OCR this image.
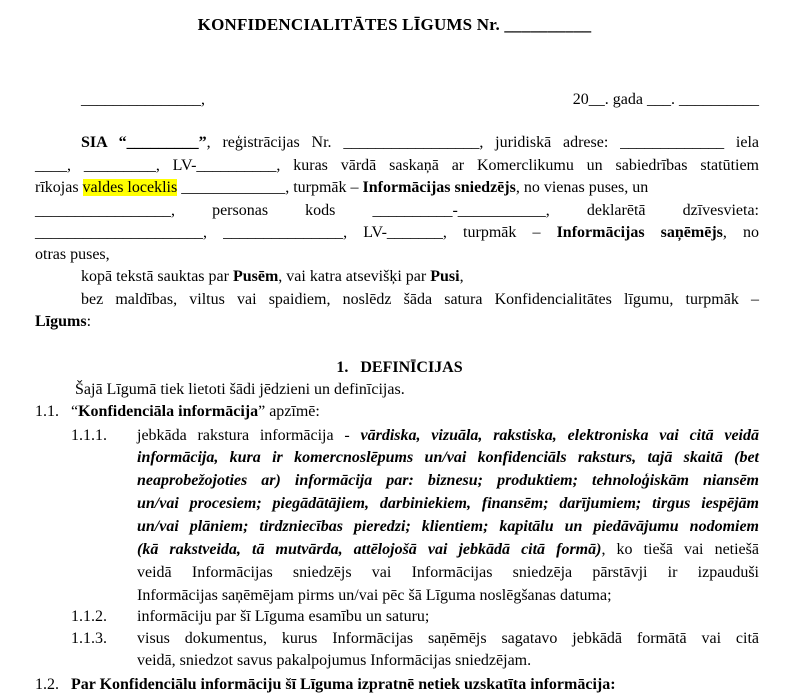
KONFIDENCIALITĀTES LĪGUMS Nr. __________
_______________,	20__. gada ___. __________
SIA “_________”, reģistrācijas Nr. _________________, juridiskā adrese: _____________ iela
____, _________, LV-__________, kuras vārdā saskaņā ar Komerclikumu un sabiedrības statūtiem
rīkojas valdes loceklis _____________, turpmāk – Informācijas sniedzējs, no vienas puses, un
_________________, personas kods __________-___________, deklarētā dzīvesvieta:
_____________________, _______________, LV-_______, turpmāk – Informācijas saņēmējs, no
otras puses,
kopā tekstā sauktas par Pusēm, vai katra atsevišķi par Pusi,
bez maldības, viltus vai spaidiem, noslēdz šāda satura Konfidencialitātes līgumu, turpmāk –
Līgums:
1.   DEFINĪCIJAS
Šajā Līgumā tiek lietoti šādi jēdzieni un definīcijas.
1.1. “Konfidenciāla informācija” apzīmē:
1.1.1. jebkāda rakstura informācija - vārdiska, vizuāla, rakstiska, elektroniska vai citā veidā
informācija, kura ir komercnoslēpums un/vai konfidenciāls raksturs, tajā skaitā (bet
neaprobežojoties ar) informācija par: biznesu; produktiem; tehnoloģiskām niansēm
un/vai procesiem; piegādātājiem, darbiniekiem, finansēm; darījumiem; tirgus iespējām
un/vai plāniem; tirdzniecības pieredzi; klientiem; kapitālu un piedāvājumu nodomiem
(kā rakstveida, tā mutvārda, attēlojošā vai jebkādā citā formā), ko tiešā vai netiešā
veidā Informācijas sniedzējs vai Informācijas sniedzēja pārstāvji ir izpauduši
Informācijas saņēmējam pirms un/vai pēc šā Līguma noslēgšanas datuma;
1.1.2. informāciju par šī Līguma esamību un saturu;
1.1.3. visus dokumentus, kurus Informācijas saņēmējs sagatavo jebkādā formātā vai citā
veidā, sniedzot savus pakalpojumus Informācijas sniedzējam.
1.2. Par Konfidenciālu informāciju šī Līguma izpratnē netiek uzskatīta informācija:
